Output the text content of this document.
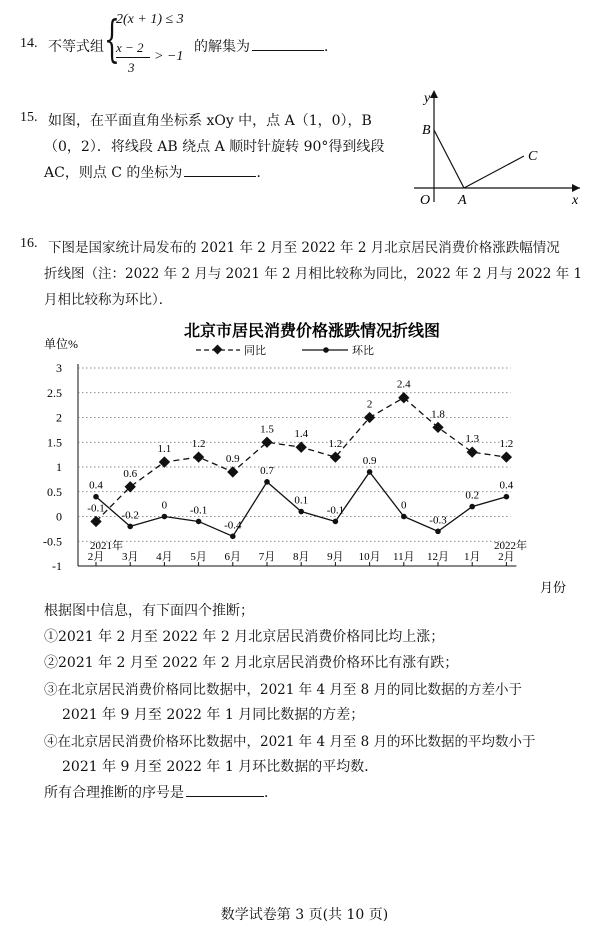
14. 不等式组 {
2(x + 1) ≤ 3
x − 2
3
> −1
的解集为	．
15. 如图，在平面直角坐标系 xOy 中，点 A（1，0），B
（0，2）．将线段 AB 绕点 A 顺时针旋转 90°得到线段
AC，则点 C 的坐标为	．
y
x
O A
B
C
16. 下图是国家统计局发布的 2021 年 2 月至 2022 年 2 月北京居民消费价格涨跌幅情况
折线图（注：2022 年 2 月与 2021 年 2 月相比较称为同比，2022 年 2 月与 2022 年 1
月相比较称为环比）．
北京市居民消费价格涨跌情况折线图
单位%	同比	环比
3
2.5
2
1.5
1
0.5
0
-0.5
-1
2月 3月 4月 5月 6月 7月 8月 9月 10月 11月 12月 1月 2月
-0.1
0.6
1.1 1.2
0.9
1.5 1.4
1.2
2
2.4
1.8
1.3 1.2
0.4
-0.2
0 -0.1
-0.4
0.7
0.1
-0.1
0.9
0
-0.3
0.2
0.4
2021年	2022年
月份
根据图中信息，有下面四个推断；
①2021 年 2 月至 2022 年 2 月北京居民消费价格同比均上涨；
②2021 年 2 月至 2022 年 2 月北京居民消费价格环比有涨有跌；
③在北京居民消费价格同比数据中，2021 年 4 月至 8 月的同比数据的方差小于
2021 年 9 月至 2022 年 1 月同比数据的方差；
④在北京居民消费价格环比数据中，2021 年 4 月至 8 月的环比数据的平均数小于
2021 年 9 月至 2022 年 1 月环比数据的平均数．
所有合理推断的序号是	．
数学试卷第 3 页(共 10 页)
